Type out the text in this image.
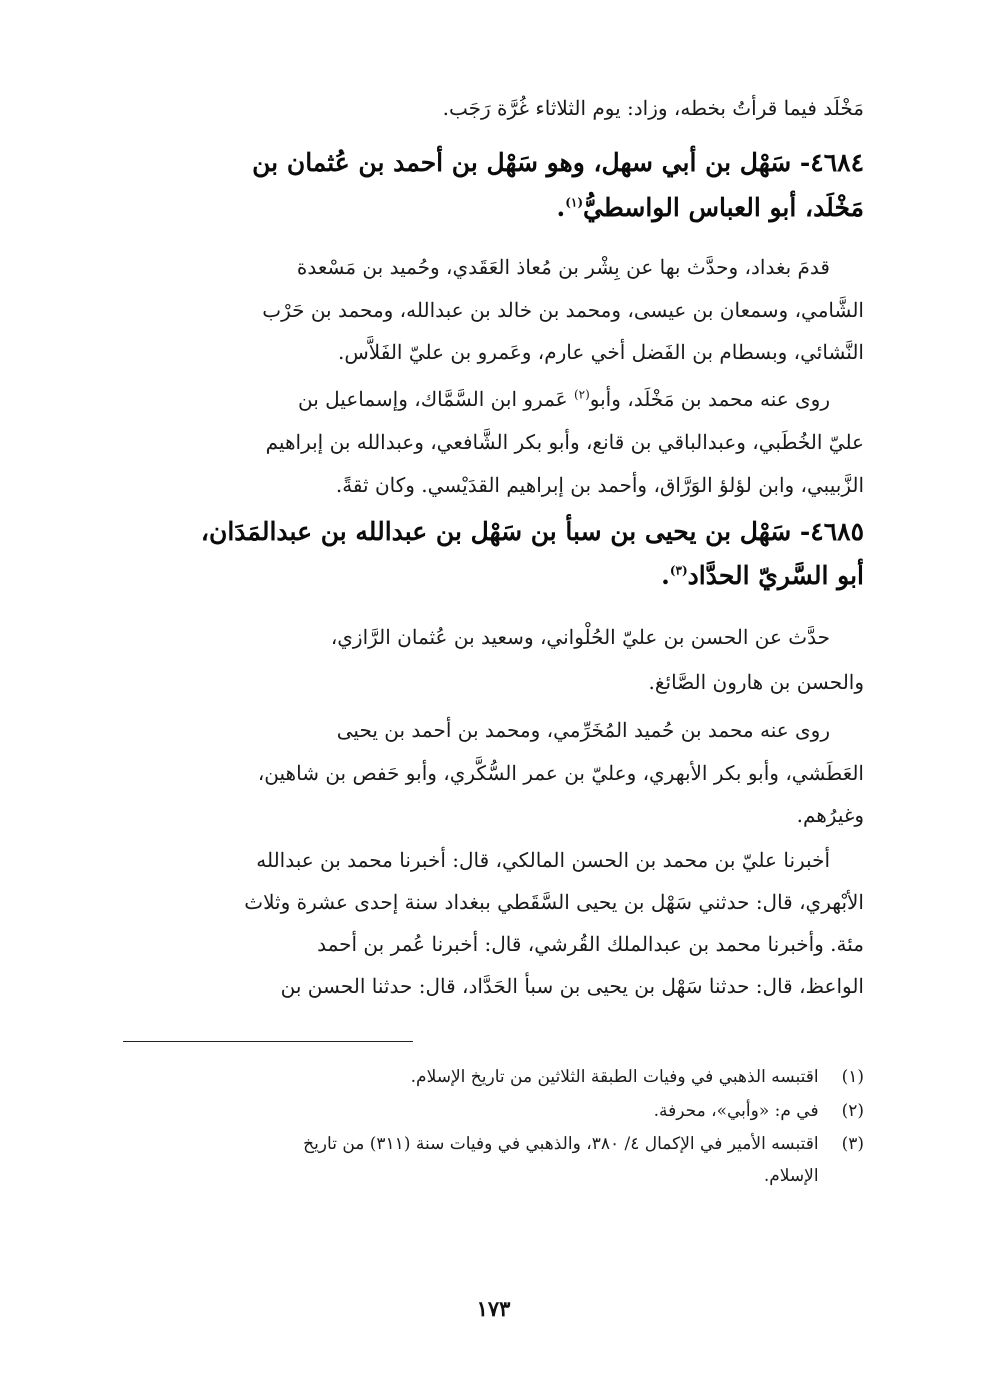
مَخْلَد فيما قرأتُ بخطه، وزاد: يوم الثلاثاء غُرَّة رَجَب.
٤٦٨٤- سَهْل بن أبي سهل، وهو سَهْل بن أحمد بن عُثمان بن
مَخْلَد، أبو العباس الواسطيُّ$^{(١)}$.
قدمَ بغداد، وحدَّث بها عن بِشْر بن مُعاذ العَقَدي، وحُميد بن مَسْعدة
الشَّامي، وسمعان بن عيسى، ومحمد بن خالد بن عبدالله، ومحمد بن حَرْب
النَّشائي، وبسطام بن الفَضل أخي عارم، وعَمرو بن عليّ الفَلاَّس.
روى عنه محمد بن مَخْلَد، وأبو$^{(٢)}$ عَمرو ابن السَّمَّاك، وإسماعيل بن
عليّ الخُطَبي، وعبدالباقي بن قانع، وأبو بكر الشَّافعي، وعبدالله بن إبراهيم
الزَّبيبي، وابن لؤلؤ الوَرَّاق، وأحمد بن إبراهيم القدَيْسي. وكان ثقةً.
٤٦٨٥- سَهْل بن يحيى بن سبأ بن سَهْل بن عبدالله بن عبدالمَدَان،
أبو السَّريّ الحدَّاد$^{(٣)}$.
حدَّث عن الحسن بن عليّ الحُلْواني، وسعيد بن عُثمان الرَّازي،
والحسن بن هارون الصَّائغ.
روى عنه محمد بن حُميد المُخَرِّمي، ومحمد بن أحمد بن يحيى
العَطَشي، وأبو بكر الأبهري، وعليّ بن عمر السُّكَّري، وأبو حَفص بن شاهين،
وغيرُهم.
أخبرنا عليّ بن محمد بن الحسن المالكي، قال: أخبرنا محمد بن عبدالله
الأبْهري، قال: حدثني سَهْل بن يحيى السَّقَطي ببغداد سنة إحدى عشرة وثلاث
مئة. وأخبرنا محمد بن عبدالملك القُرشي، قال: أخبرنا عُمر بن أحمد
الواعظ، قال: حدثنا سَهْل بن يحيى بن سبأ الحَدَّاد، قال: حدثنا الحسن بن
(١) اقتبسه الذهبي في وفيات الطبقة الثلاثين من تاريخ الإسلام.
(٢) في م: «وأبي»، محرفة.
(٣) اقتبسه الأمير في الإكمال ٤/ ٣٨٠، والذهبي في وفيات سنة (٣١١) من تاريخ
الإسلام.
١٧٣
